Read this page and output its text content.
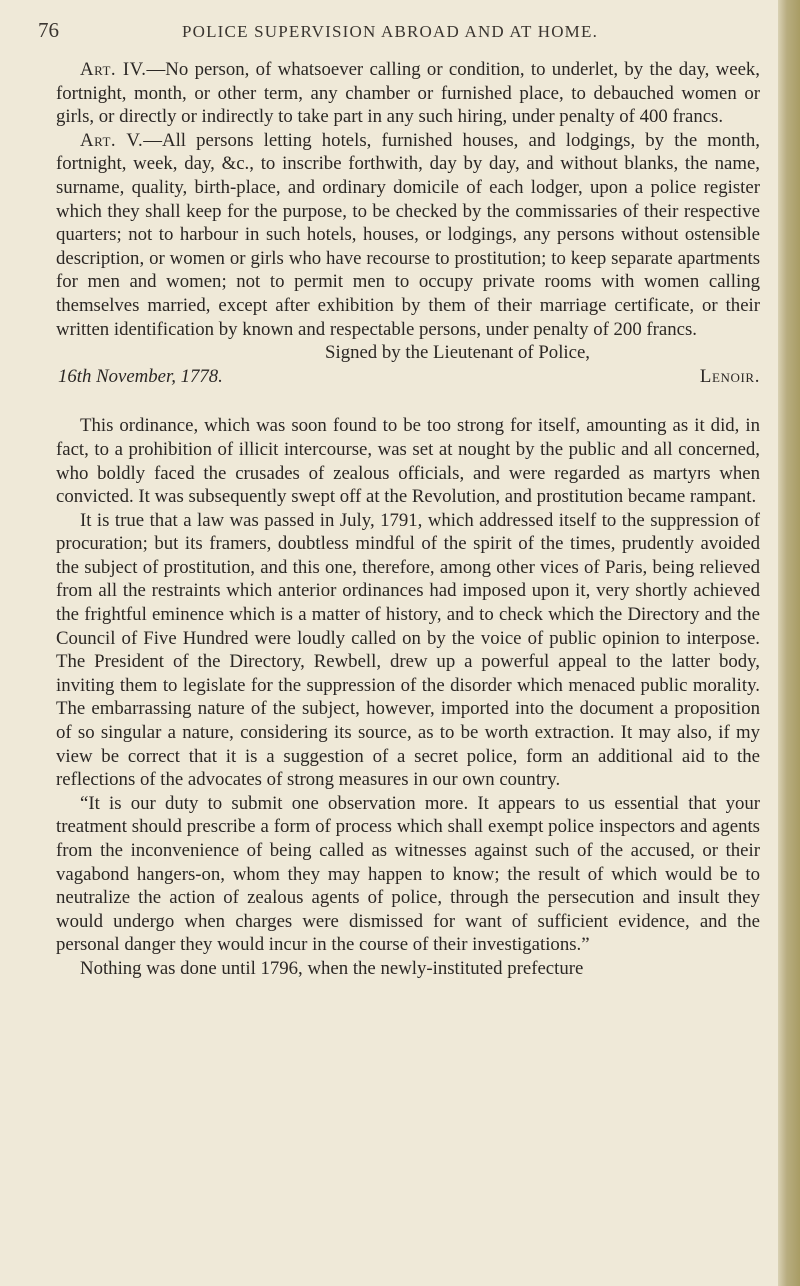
76	POLICE SUPERVISION ABROAD AND AT HOME.

Art. IV.—No person, of whatsoever calling or condition, to underlet, by the day, week, fortnight, month, or other term, any chamber or furnished place, to debauched women or girls, or directly or indirectly to take part in any such hiring, under penalty of 400 francs.

Art. V.—All persons letting hotels, furnished houses, and lodgings, by the month, fortnight, week, day, &c., to inscribe forthwith, day by day, and without blanks, the name, surname, quality, birth-place, and ordinary domicile of each lodger, upon a police register which they shall keep for the purpose, to be checked by the commissaries of their respective quarters; not to harbour in such hotels, houses, or lodgings, any persons without ostensible description, or women or girls who have recourse to prostitution; to keep separate apartments for men and women; not to permit men to occupy private rooms with women calling themselves married, except after exhibition by them of their marriage certificate, or their written identification by known and respectable persons, under penalty of 200 francs.

Signed by the Lieutenant of Police,

16th November, 1778.	Lenoir.

This ordinance, which was soon found to be too strong for itself, amounting as it did, in fact, to a prohibition of illicit intercourse, was set at nought by the public and all concerned, who boldly faced the crusades of zealous officials, and were regarded as martyrs when convicted. It was subsequently swept off at the Revolution, and prostitution became rampant.

It is true that a law was passed in July, 1791, which addressed itself to the suppression of procuration; but its framers, doubtless mindful of the spirit of the times, prudently avoided the subject of prostitution, and this one, therefore, among other vices of Paris, being relieved from all the restraints which anterior ordinances had imposed upon it, very shortly achieved the frightful eminence which is a matter of history, and to check which the Directory and the Council of Five Hundred were loudly called on by the voice of public opinion to interpose. The President of the Directory, Rewbell, drew up a powerful appeal to the latter body, inviting them to legislate for the suppression of the disorder which menaced public morality. The embarrassing nature of the subject, however, imported into the document a proposition of so singular a nature, considering its source, as to be worth extraction. It may also, if my view be correct that it is a suggestion of a secret police, form an additional aid to the reflections of the advocates of strong measures in our own country.

“It is our duty to submit one observation more. It appears to us essential that your treatment should prescribe a form of process which shall exempt police inspectors and agents from the inconvenience of being called as witnesses against such of the accused, or their vagabond hangers-on, whom they may happen to know; the result of which would be to neutralize the action of zealous agents of police, through the persecution and insult they would undergo when charges were dismissed for want of sufficient evidence, and the personal danger they would incur in the course of their investigations.”

Nothing was done until 1796, when the newly-instituted prefecture
